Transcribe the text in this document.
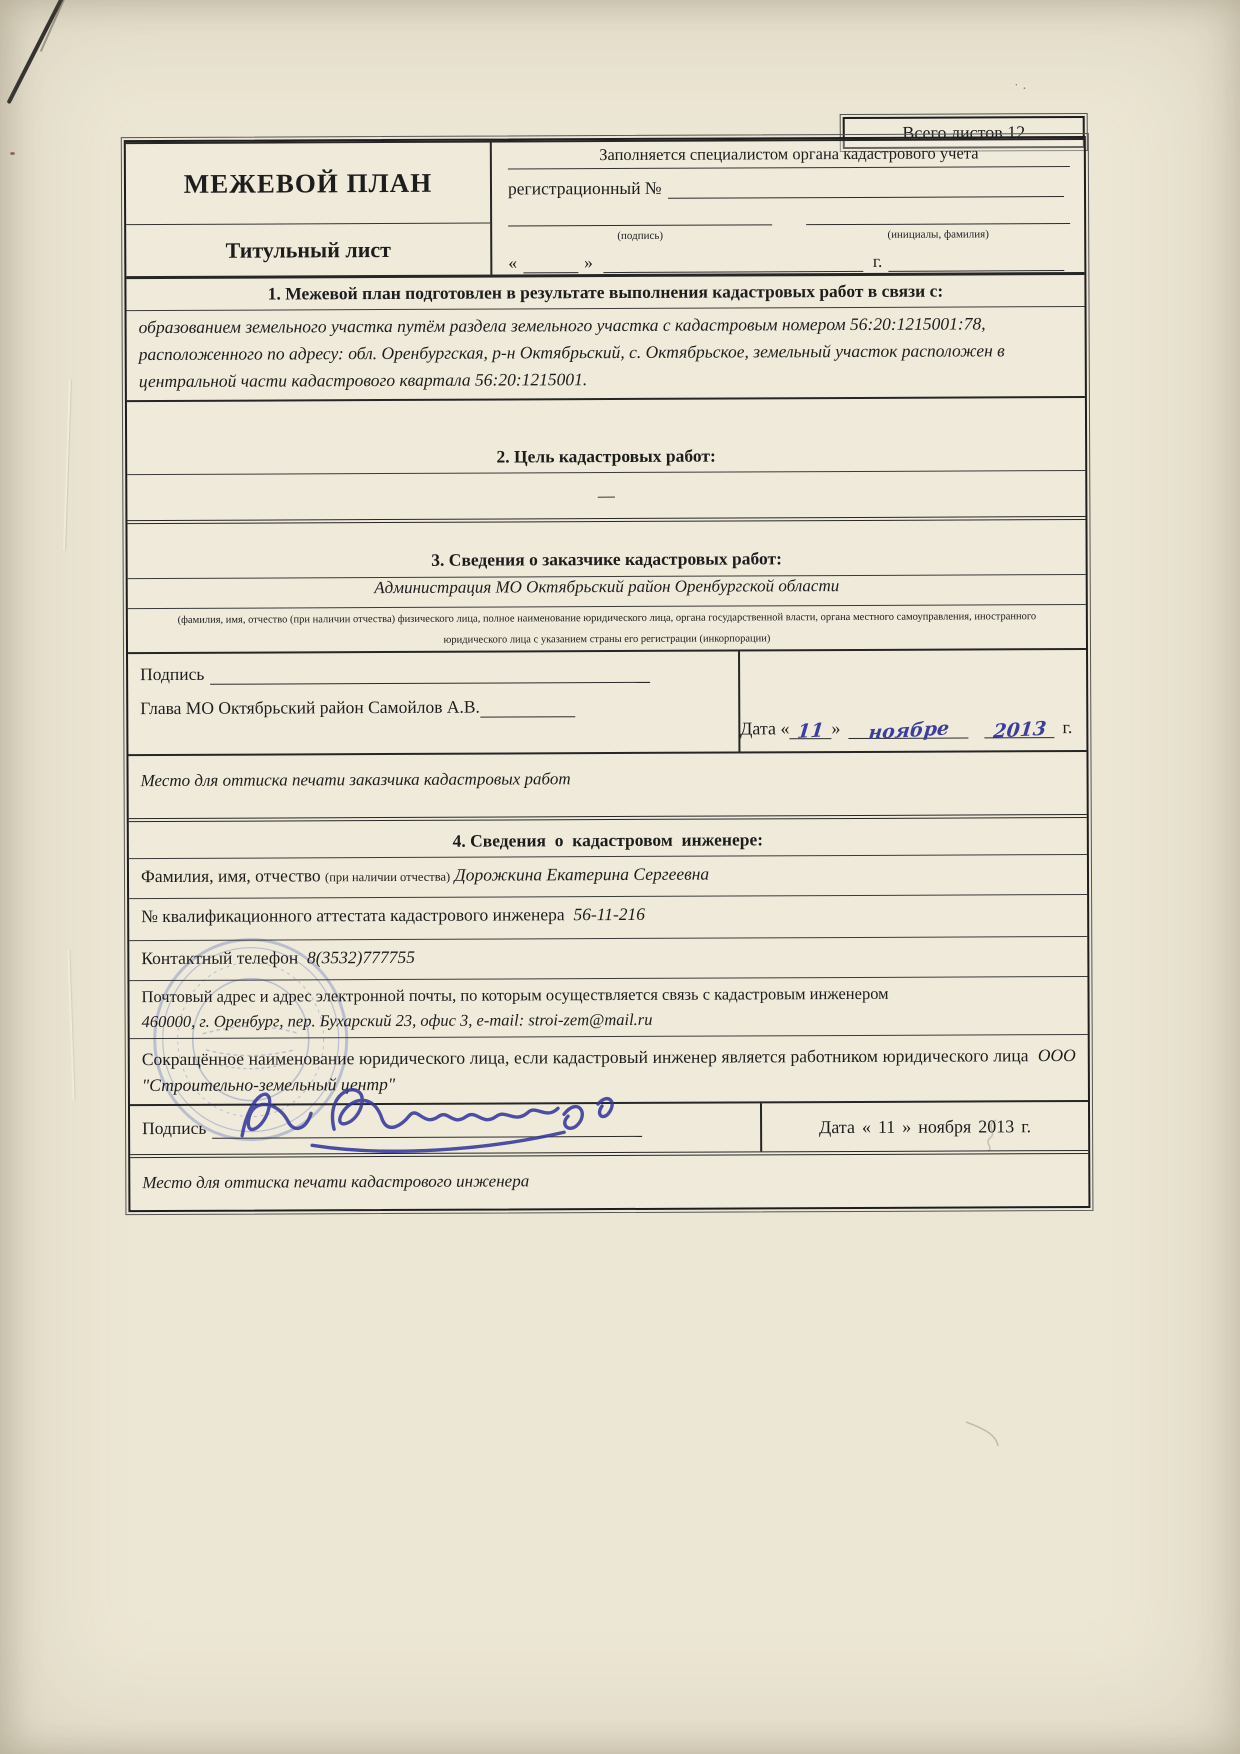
˙ ·
Всего листов 12
МЕЖЕВОЙ ПЛАН
Титульный лист
Заполняется специалистом органа кадастрового учета
регистрационный №
(подпись)	(инициалы, фамилия)
«	»	г.
1. Межевой план подготовлен в результате выполнения кадастровых работ в связи с:
образованием земельного участка путём раздела земельного участка с кадастровым номером 56:20:1215001:78, расположенного по адресу: обл. Оренбургская, р-н Октябрьский, с. Октябрьское, земельный участок расположен в центральной части кадастрового квартала 56:20:1215001.
2. Цель кадастровых работ:
—
3. Сведения о заказчике кадастровых работ:
Администрация МО Октябрьский район Оренбургской области
(фамилия, имя, отчество (при наличии отчества) физического лица, полное наименование юридического лица, органа государственной власти, органа местного самоуправления, иностранного юридического лица с указанием страны его регистрации (инкорпорации)
Подпись
Глава МО Октябрьский район Самойлов А.В.
Дата
« 11 »	ноябре	2013 г.
Место для оттиска печати заказчика кадастровых работ
4. Сведения  о  кадастровом  инженере:
Фамилия, имя, отчество (при наличии отчества) Дорожкина Екатерина Сергеевна
№ квалификационного аттестата кадастрового инженера 56-11-216
Контактный телефон 8(3532)777755
Почтовый адрес и адрес электронной почты, по которым осуществляется связь с кадастровым инженером
460000, г. Оренбург, пер. Бухарский 23, офис 3, e-mail: stroi-zem@mail.ru
Сокращённое наименование юридического лица, если кадастровый инженер является работником юридического лица ООО "Строительно-земельный центр"
Подпись	Дата « 11 » ноября 2013 г.
Место для оттиска печати кадастрового инженера
